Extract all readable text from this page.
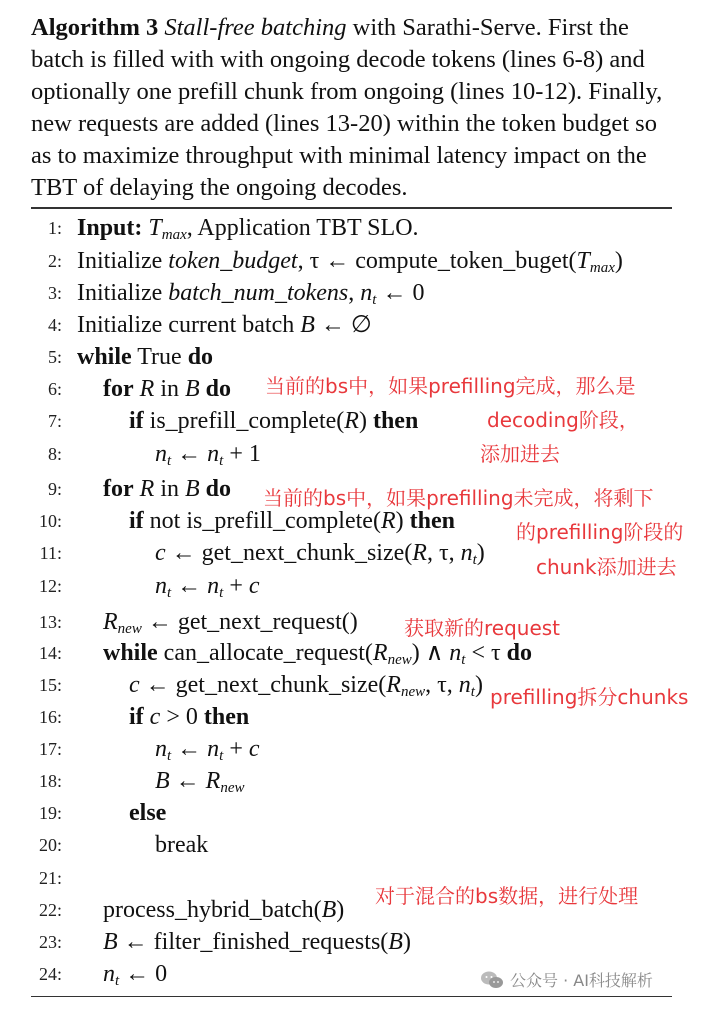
Algorithm 3 Stall-free batching with Sarathi-Serve. First the batch is filled with with ongoing decode tokens (lines 6-8) and optionally one prefill chunk from ongoing (lines 10-12). Finally, new requests are added (lines 13-20) within the token budget so as to maximize throughput with minimal latency impact on the TBT of delaying the ongoing decodes.

1: Input: $T_{max}$, Application TBT SLO.
2: Initialize token_budget, τ ← $compute\_token\_buget(T_{max})$
3: Initialize batch_num_tokens, $n_t$ ← 0
4: Initialize current batch B ← ∅
5: while True do
6: for R in B do
7:	if is_prefill_complete(R) then
8:	$n_t$ ← $n_t + 1$
9: for R in B do
10:	if not is_prefill_complete(R) then
11:	c ← get_next_chunk_size(R, τ, $n_t$)
12:	$n_t$ ← $n_t + c$
13: $R_{new}$ ← get_next_request()
14: while $can\_allocate\_request(R_{new})$ ∧ $n_t < \tau$ do
15:	c ← $get\_next\_chunk\_size(R_{new}$, τ, $n_t$)
16:	if c > 0 then
17:	$n_t$ ← $n_t + c$
18:	B ← $R_{new}$
19:	else
20:	break
21:
22: process_hybrid_batch(B)
23: B ← filter_finished_requests(B)
24: $n_t$ ← 0
当前的bs中，如果prefilling完成，那么是
decoding阶段，
添加进去
当前的bs中，如果prefilling未完成，将剩下
的prefilling阶段的
chunk添加进去
获取新的request
prefilling拆分chunks
对于混合的bs数据，进行处理
公众号 · AI科技解析
